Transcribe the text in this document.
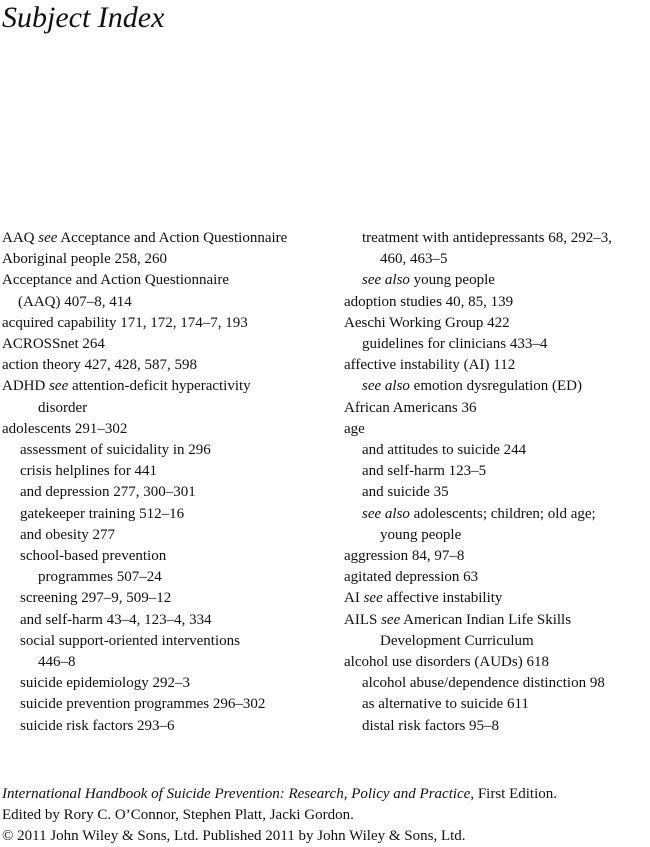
Subject Index
AAQ see Acceptance and Action Questionnaire
Aboriginal people 258, 260
Acceptance and Action Questionnaire
(AAQ) 407–8, 414
acquired capability 171, 172, 174–7, 193
ACROSSnet 264
action theory 427, 428, 587, 598
ADHD see attention-deficit hyperactivity
disorder
adolescents 291–302
assessment of suicidality in 296
crisis helplines for 441
and depression 277, 300–301
gatekeeper training 512–16
and obesity 277
school-based prevention
programmes 507–24
screening 297–9, 509–12
and self-harm 43–4, 123–4, 334
social support-oriented interventions
446–8
suicide epidemiology 292–3
suicide prevention programmes 296–302
suicide risk factors 293–6
treatment with antidepressants 68, 292–3,
460, 463–5
see also young people
adoption studies 40, 85, 139
Aeschi Working Group 422
guidelines for clinicians 433–4
affective instability (AI) 112
see also emotion dysregulation (ED)
African Americans 36
age
and attitudes to suicide 244
and self-harm 123–5
and suicide 35
see also adolescents; children; old age;
young people
aggression 84, 97–8
agitated depression 63
AI see affective instability
AILS see American Indian Life Skills
Development Curriculum
alcohol use disorders (AUDs) 618
alcohol abuse/dependence distinction 98
as alternative to suicide 611
distal risk factors 95–8
International Handbook of Suicide Prevention: Research, Policy and Practice, First Edition.
Edited by Rory C. O’Connor, Stephen Platt, Jacki Gordon.
© 2011 John Wiley & Sons, Ltd. Published 2011 by John Wiley & Sons, Ltd.
